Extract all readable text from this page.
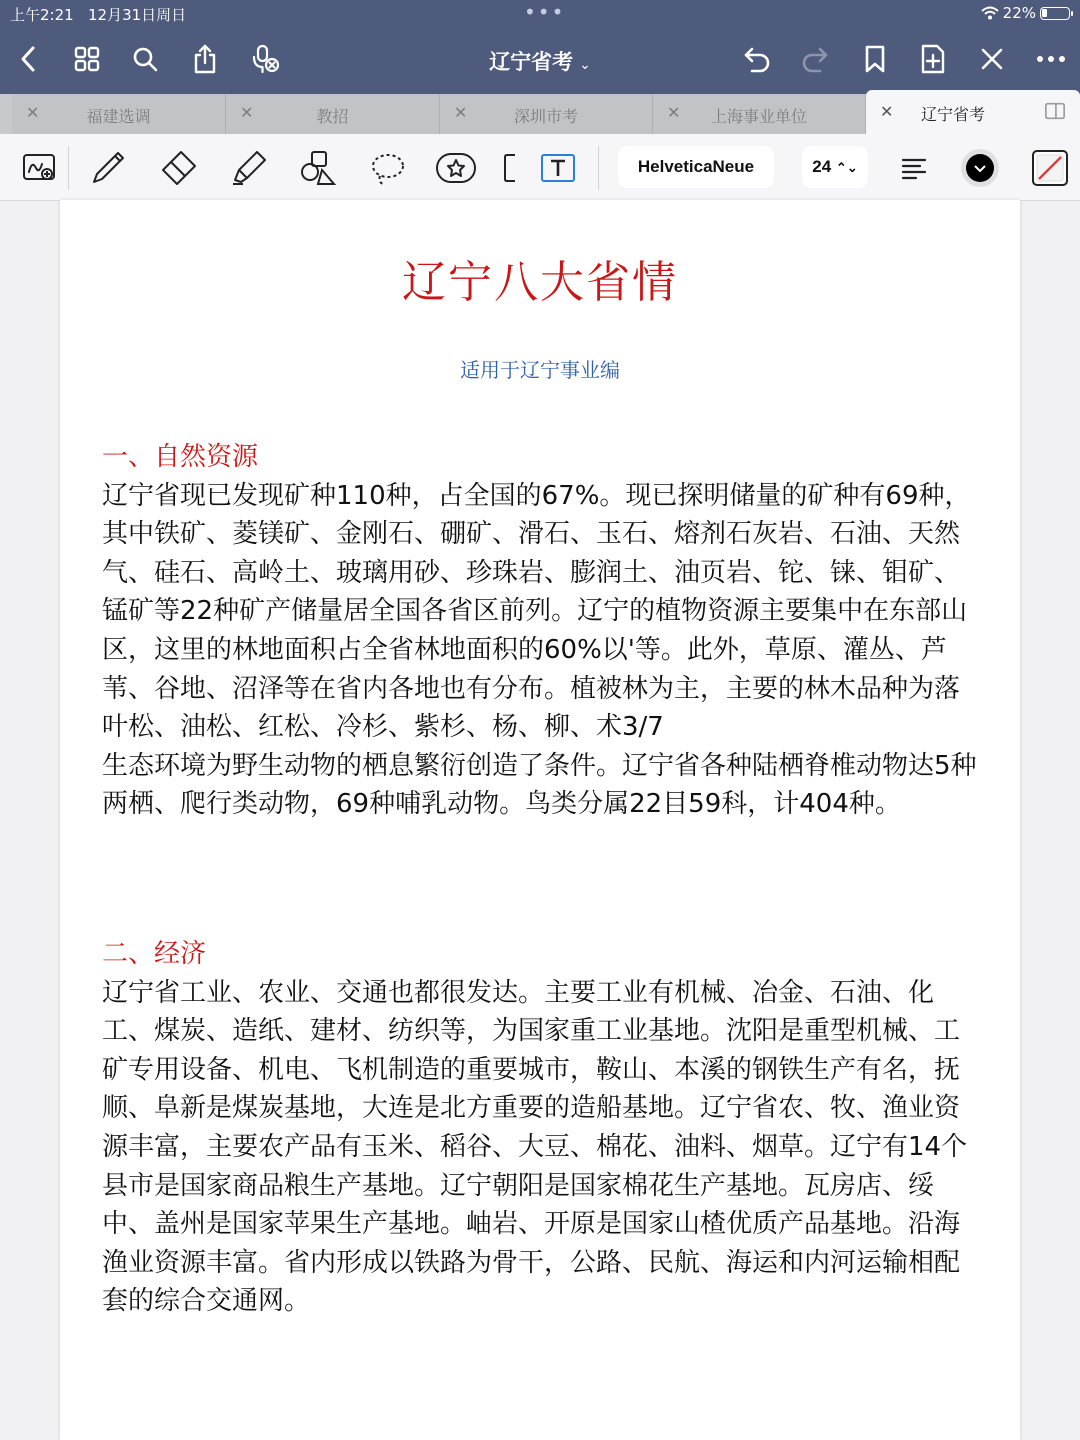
上午2:21 12月31日周日	•••	22%
辽宁省考 ⌄
✕	福建选调	✕	教招	✕	深圳市考	✕	上海事业单位	✕	辽宁省考
HelveticaNeue	24 ⌃⌄
辽宁八大省情
适用于辽宁事业编
一、自然资源

辽宁省现已发现矿种110种，占全国的67%。现已探明储量的矿种有69种，其中铁矿、菱镁矿、金刚石、硼矿、滑石、玉石、熔剂石灰岩、石油、天然气、硅石、高岭土、玻璃用砂、珍珠岩、膨润土、油页岩、铊、铼、钼矿、锰矿等22种矿产储量居全国各省区前列。辽宁的植物资源主要集中在东部山区，这里的林地面积占全省林地面积的60%以'等。此外，草原、灌丛、芦苇、谷地、沼泽等在省内各地也有分布。植被林为主，主要的林木品种为落叶松、油松、红松、冷杉、紫杉、杨、柳、术3/7

生态环境为野生动物的栖息繁衍创造了条件。辽宁省各种陆栖脊椎动物达5种两栖、爬行类动物，69种哺乳动物。鸟类分属22目59科，计404种。

二、经济

辽宁省工业、农业、交通也都很发达。主要工业有机械、冶金、石油、化工、煤炭、造纸、建材、纺织等，为国家重工业基地。沈阳是重型机械、工矿专用设备、机电、飞机制造的重要城市，鞍山、本溪的钢铁生产有名，抚顺、阜新是煤炭基地，大连是北方重要的造船基地。辽宁省农、牧、渔业资源丰富，主要农产品有玉米、稻谷、大豆、棉花、油料、烟草。辽宁有14个县市是国家商品粮生产基地。辽宁朝阳是国家棉花生产基地。瓦房店、绥中、盖州是国家苹果生产基地。岫岩、开原是国家山楂优质产品基地。沿海渔业资源丰富。省内形成以铁路为骨干，公路、民航、海运和内河运输相配套的综合交通网。
